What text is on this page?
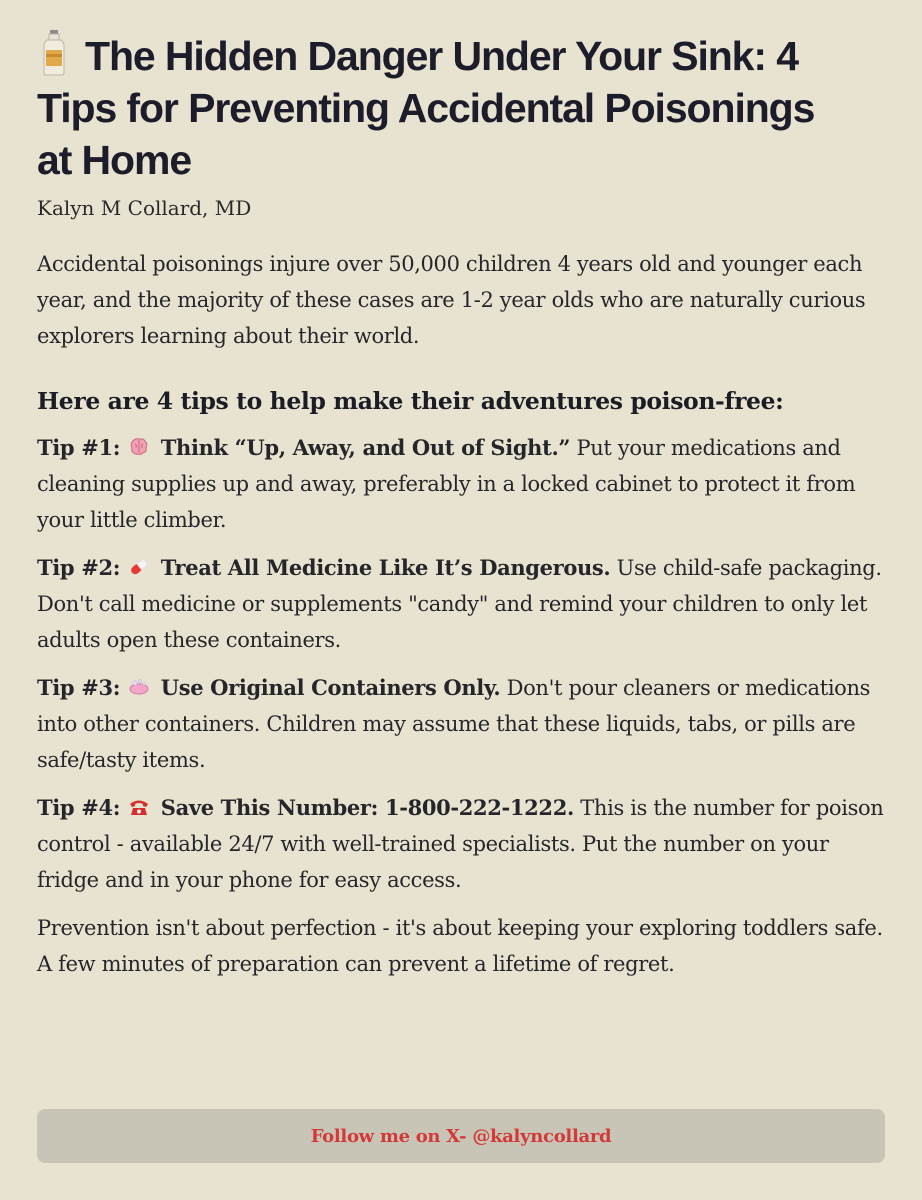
The Hidden Danger Under Your Sink: 4
Tips for Preventing Accidental Poisonings
at Home
Kalyn M Collard, MD

Accidental poisonings injure over 50,000 children 4 years old and younger each year, and the majority of these cases are 1-2 year olds who are naturally curious explorers learning about their world.

Here are 4 tips to help make their adventures poison-free:
Tip #1: Think “Up, Away, and Out of Sight.” Put your medications and cleaning supplies up and away, preferably in a locked cabinet to protect it from your little climber.
Tip #2: Treat All Medicine Like It’s Dangerous. Use child-safe packaging. Don't call medicine or supplements "candy" and remind your children to only let adults open these containers.
Tip #3: Use Original Containers Only. Don't pour cleaners or medications into other containers. Children may assume that these liquids, tabs, or pills are safe/tasty items.
Tip #4: Save This Number: 1-800-222-1222. This is the number for poison control - available 24/7 with well-trained specialists. Put the number on your fridge and in your phone for easy access.

Prevention isn't about perfection - it's about keeping your exploring toddlers safe. A few minutes of preparation can prevent a lifetime of regret.

Follow me on X- @kalyncollard
